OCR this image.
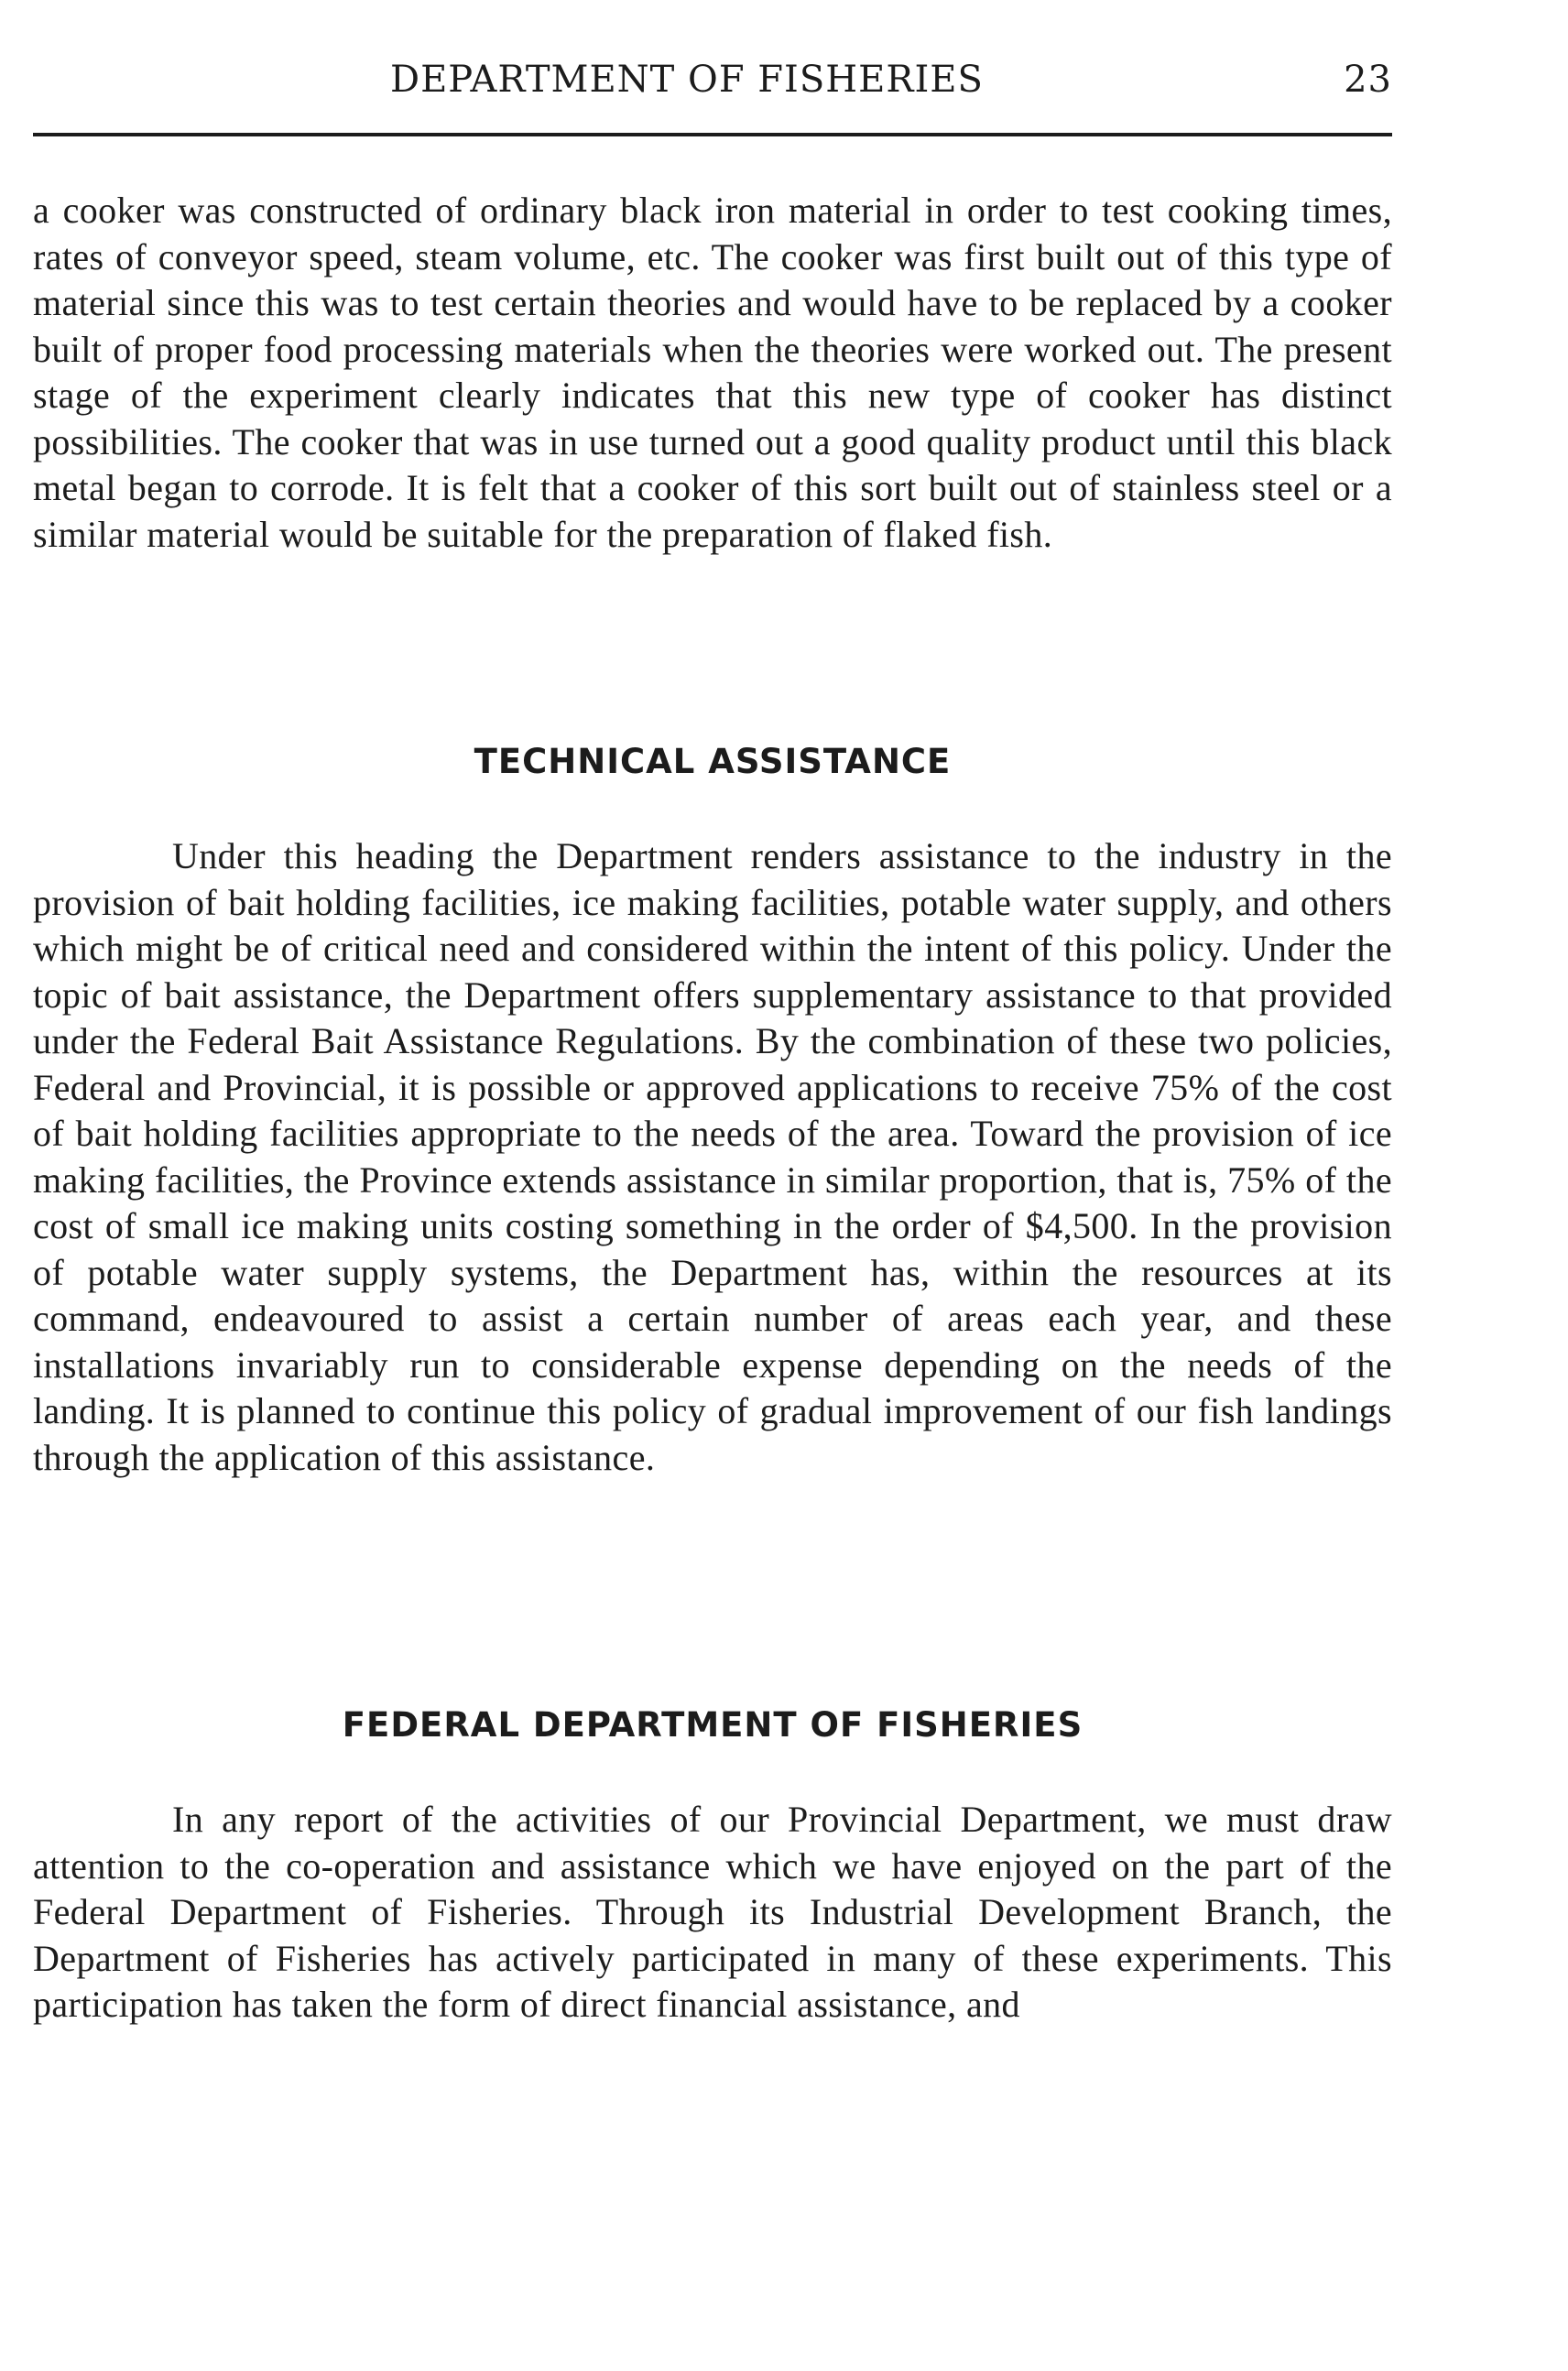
DEPARTMENT OF FISHERIES	23

a cooker was constructed of ordinary black iron material in order to test cooking times, rates of conveyor speed, steam volume, etc. The cooker was first built out of this type of material since this was to test certain theories and would have to be replaced by a cooker built of proper food processing materials when the theories were worked out. The present stage of the experiment clearly indicates that this new type of cooker has distinct possibilities. The cooker that was in use turned out a good quality product until this black metal began to corrode. It is felt that a cooker of this sort built out of stainless steel or a similar material would be suitable for the preparation of flaked fish.

TECHNICAL ASSISTANCE

Under this heading the Department renders assistance to the industry in the provision of bait holding facilities, ice making facilities, potable water supply, and others which might be of critical need and considered within the intent of this policy. Under the topic of bait assistance, the Department offers supplementary assistance to that provided under the Federal Bait Assistance Regulations. By the combination of these two policies, Federal and Provincial, it is possible or approved applications to receive 75% of the cost of bait holding facilities appropriate to the needs of the area. Toward the provision of ice making facilities, the Province extends assistance in similar proportion, that is, 75% of the cost of small ice making units costing something in the order of $4,500. In the provision of potable water supply systems, the Department has, within the resources at its command, endeavoured to assist a certain number of areas each year, and these installations invariably run to considerable expense depending on the needs of the landing. It is planned to continue this policy of gradual improvement of our fish landings through the application of this assistance.

FEDERAL DEPARTMENT OF FISHERIES

In any report of the activities of our Provincial Department, we must draw attention to the co-operation and assistance which we have enjoyed on the part of the Federal Department of Fisheries. Through its Industrial Development Branch, the Department of Fisheries has actively participated in many of these experiments. This participation has taken the form of direct financial assistance, and
